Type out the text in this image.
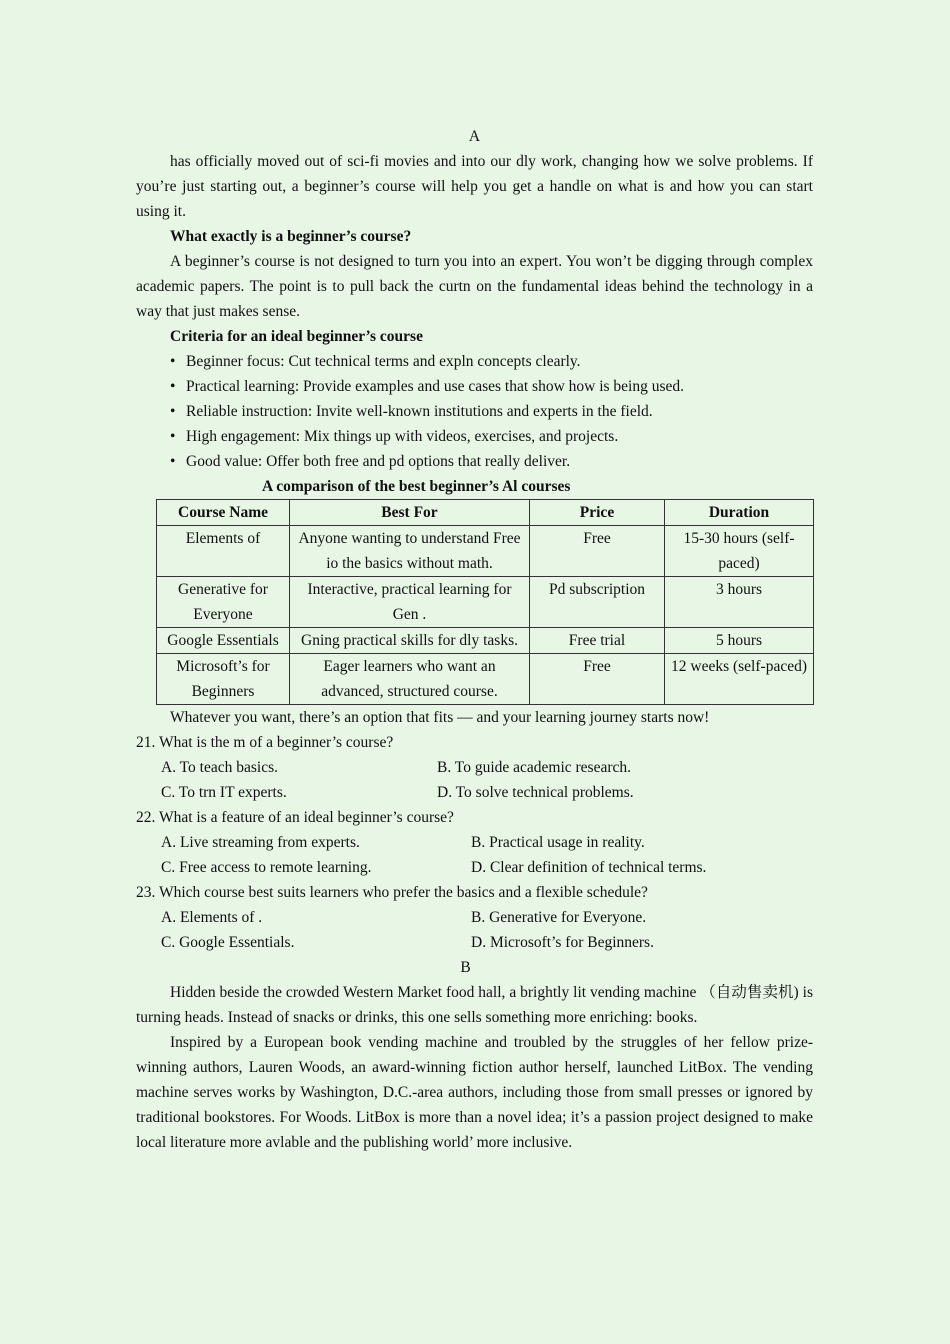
A

has officially moved out of sci-fi movies and into our dly work, changing how we solve problems. If you’re just starting out, a beginner’s course will help you get a handle on what is and how you can start using it.

What exactly is a beginner’s course?

A beginner’s course is not designed to turn you into an expert. You won’t be digging through complex academic papers. The point is to pull back the curtn on the fundamental ideas behind the technology in a way that just makes sense.

Criteria for an ideal beginner’s course

• Beginner focus: Cut technical terms and expln concepts clearly.
• Practical learning: Provide examples and use cases that show how is being used.
• Reliable instruction: Invite well-known institutions and experts in the field.
• High engagement: Mix things up with videos, exercises, and projects.
• Good value: Offer both free and pd options that really deliver.
A comparison of the best beginner’s Al courses
Course Name	Best For	Price	Duration
Elements of	Anyone wanting to understand Free io the basics without math.	Free	15-30 hours (self-paced)
Generative for Everyone	Interactive, practical learning for Gen .	Pd subscription	3 hours
Google Essentials	Gning practical skills for dly tasks.	Free trial	5 hours
Microsoft’s for Beginners	Eager learners who want an advanced, structured course.	Free	12 weeks (self-paced)

Whatever you want, there’s an option that fits — and your learning journey starts now!

21. What is the m of a beginner’s course?

A. To teach basics.	B. To guide academic research.
C. To trn IT experts.	D. To solve technical problems.

22. What is a feature of an ideal beginner’s course?

A. Live streaming from experts.	B. Practical usage in reality.
C. Free access to remote learning.	D. Clear definition of technical terms.

23. Which course best suits learners who prefer the basics and a flexible schedule?

A. Elements of .	B. Generative for Everyone.
C. Google Essentials.	D. Microsoft’s for Beginners.
B

Hidden beside the crowded Western Market food hall, a brightly lit vending machine （自动售卖机) is turning heads. Instead of snacks or drinks, this one sells something more enriching: books.

Inspired by a European book vending machine and troubled by the struggles of her fellow prize-winning authors, Lauren Woods, an award-winning fiction author herself, launched LitBox. The vending machine serves works by Washington, D.C.-area authors, including those from small presses or ignored by traditional bookstores. For Woods. LitBox is more than a novel idea; it’s a passion project designed to make local literature more avlable and the publishing world’ more inclusive.
